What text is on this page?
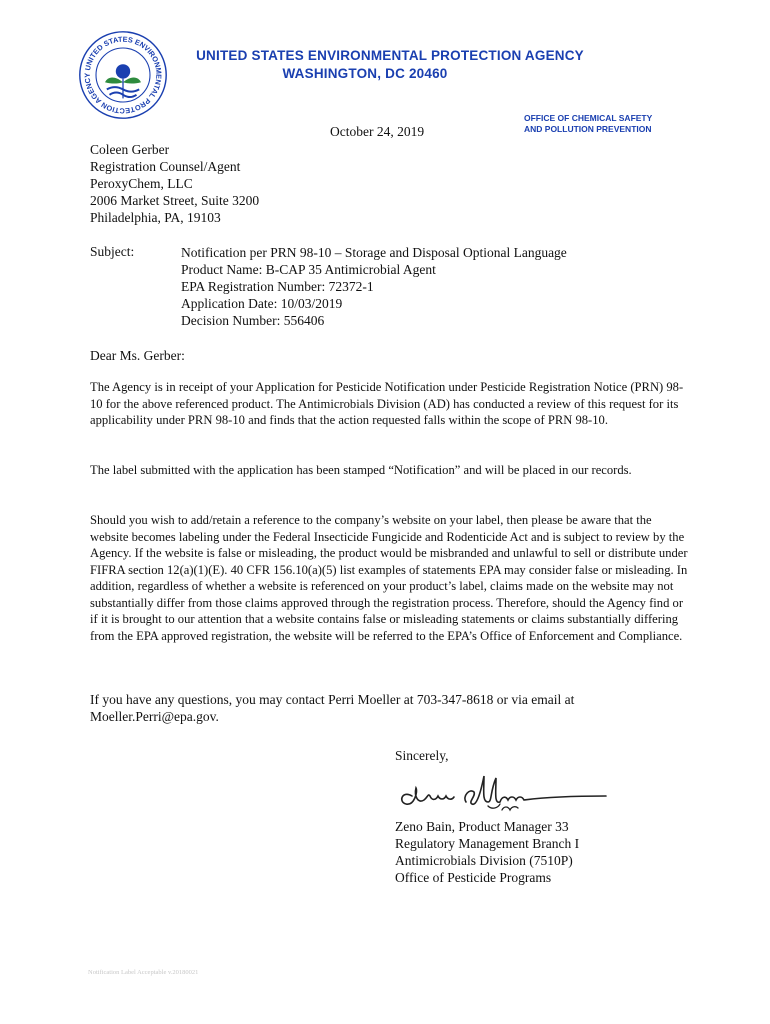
UNITED STATES ENVIRONMENTAL PROTECTION AGENCY
UNITED STATES ENVIRONMENTAL PROTECTION AGENCY
WASHINGTON, DC 20460
OFFICE OF CHEMICAL SAFETY
AND POLLUTION PREVENTION
October 24, 2019
Coleen Gerber
Registration Counsel/Agent
PeroxyChem, LLC
2006 Market Street, Suite 3200
Philadelphia, PA, 19103
Subject:	Notification per PRN 98-10 – Storage and Disposal Optional Language
Product Name: B-CAP 35 Antimicrobial Agent
EPA Registration Number: 72372-1
Application Date: 10/03/2019
Decision Number: 556406
Dear Ms. Gerber:
The Agency is in receipt of your Application for Pesticide Notification under Pesticide Registration Notice (PRN) 98-10 for the above referenced product. The Antimicrobials Division (AD) has conducted a review of this request for its applicability under PRN 98-10 and finds that the action requested falls within the scope of PRN 98-10.
The label submitted with the application has been stamped “Notification” and will be placed in our records.
Should you wish to add/retain a reference to the company’s website on your label, then please be aware that the website becomes labeling under the Federal Insecticide Fungicide and Rodenticide Act and is subject to review by the Agency. If the website is false or misleading, the product would be misbranded and unlawful to sell or distribute under FIFRA section 12(a)(1)(E). 40 CFR 156.10(a)(5) list examples of statements EPA may consider false or misleading. In addition, regardless of whether a website is referenced on your product’s label, claims made on the website may not substantially differ from those claims approved through the registration process. Therefore, should the Agency find or if it is brought to our attention that a website contains false or misleading statements or claims substantially differing from the EPA approved registration, the website will be referred to the EPA’s Office of Enforcement and Compliance.
If you have any questions, you may contact Perri Moeller at 703-347-8618 or via email at Moeller.Perri@epa.gov.
Sincerely,
Zeno Bain, Product Manager 33
Regulatory Management Branch I
Antimicrobials Division (7510P)
Office of Pesticide Programs
Notification Label Acceptable v.20180021
